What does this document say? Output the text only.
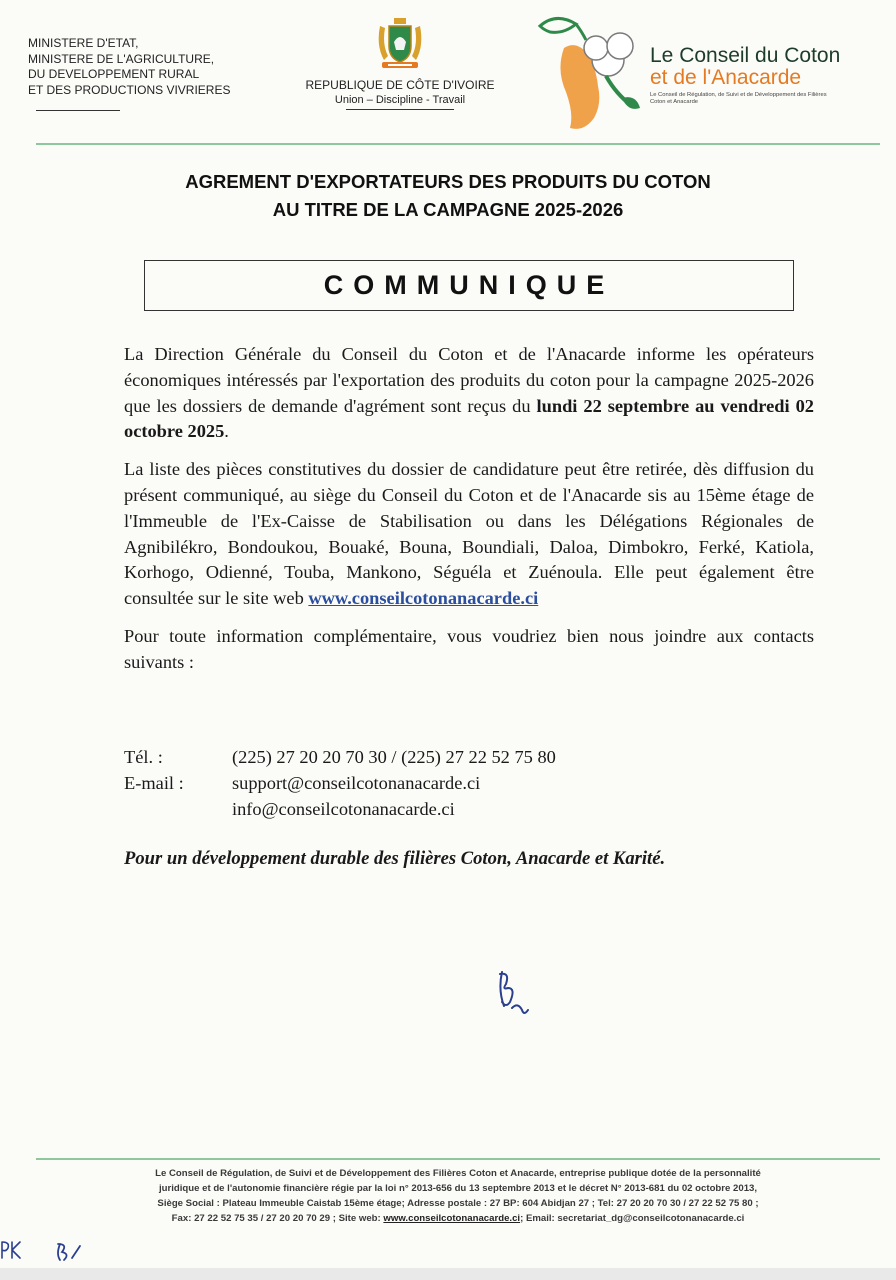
MINISTERE D'ETAT,
MINISTERE DE L'AGRICULTURE,
DU DEVELOPPEMENT RURAL
ET DES PRODUCTIONS VIVRIERES	REPUBLIQUE DE CÔTE D'IVOIRE
Union – Discipline - Travail
Le Conseil du Coton
et de l'Anacarde
Le Conseil de Régulation, de Suivi et de Développement des Filières Coton et Anacarde
AGREMENT D'EXPORTATEURS DES PRODUITS DU COTON
AU TITRE DE LA CAMPAGNE 2025-2026
COMMUNIQUE

La Direction Générale du Conseil du Coton et de l'Anacarde informe les opérateurs économiques intéressés par l'exportation des produits du coton pour la campagne 2025-2026 que les dossiers de demande d'agrément sont reçus du lundi 22 septembre au vendredi 02 octobre 2025.

La liste des pièces constitutives du dossier de candidature peut être retirée, dès diffusion du présent communiqué, au siège du Conseil du Coton et de l'Anacarde sis au 15ème étage de l'Immeuble de l'Ex-Caisse de Stabilisation ou dans les Délégations Régionales de Agnibilékro, Bondoukou, Bouaké, Bouna, Boundiali, Daloa, Dimbokro, Ferké, Katiola, Korhogo, Odienné, Touba, Mankono, Séguéla et Zuénoula. Elle peut également être consultée sur le site web www.conseilcotonanacarde.ci

Pour toute information complémentaire, vous voudriez bien nous joindre aux contacts suivants :

Tél. :	(225) 27 20 20 70 30 / (225) 27 22 52 75 80
E-mail :	support@conseilcotonanacarde.ci
info@conseilcotonanacarde.ci
Pour un développement durable des filières Coton, Anacarde et Karité.
Le Conseil de Régulation, de Suivi et de Développement des Filières Coton et Anacarde, entreprise publique dotée de la personnalité
juridique et de l'autonomie financière régie par la loi n° 2013-656 du 13 septembre 2013 et le décret N° 2013-681 du 02 octobre 2013,
Siège Social : Plateau Immeuble Caistab 15ème étage; Adresse postale : 27 BP: 604 Abidjan 27 ; Tel: 27 20 20 70 30 / 27 22 52 75 80 ;
Fax: 27 22 52 75 35 / 27 20 20 70 29 ; Site web: www.conseilcotonanacarde.ci; Email: secretariat_dg@conseilcotonanacarde.ci
